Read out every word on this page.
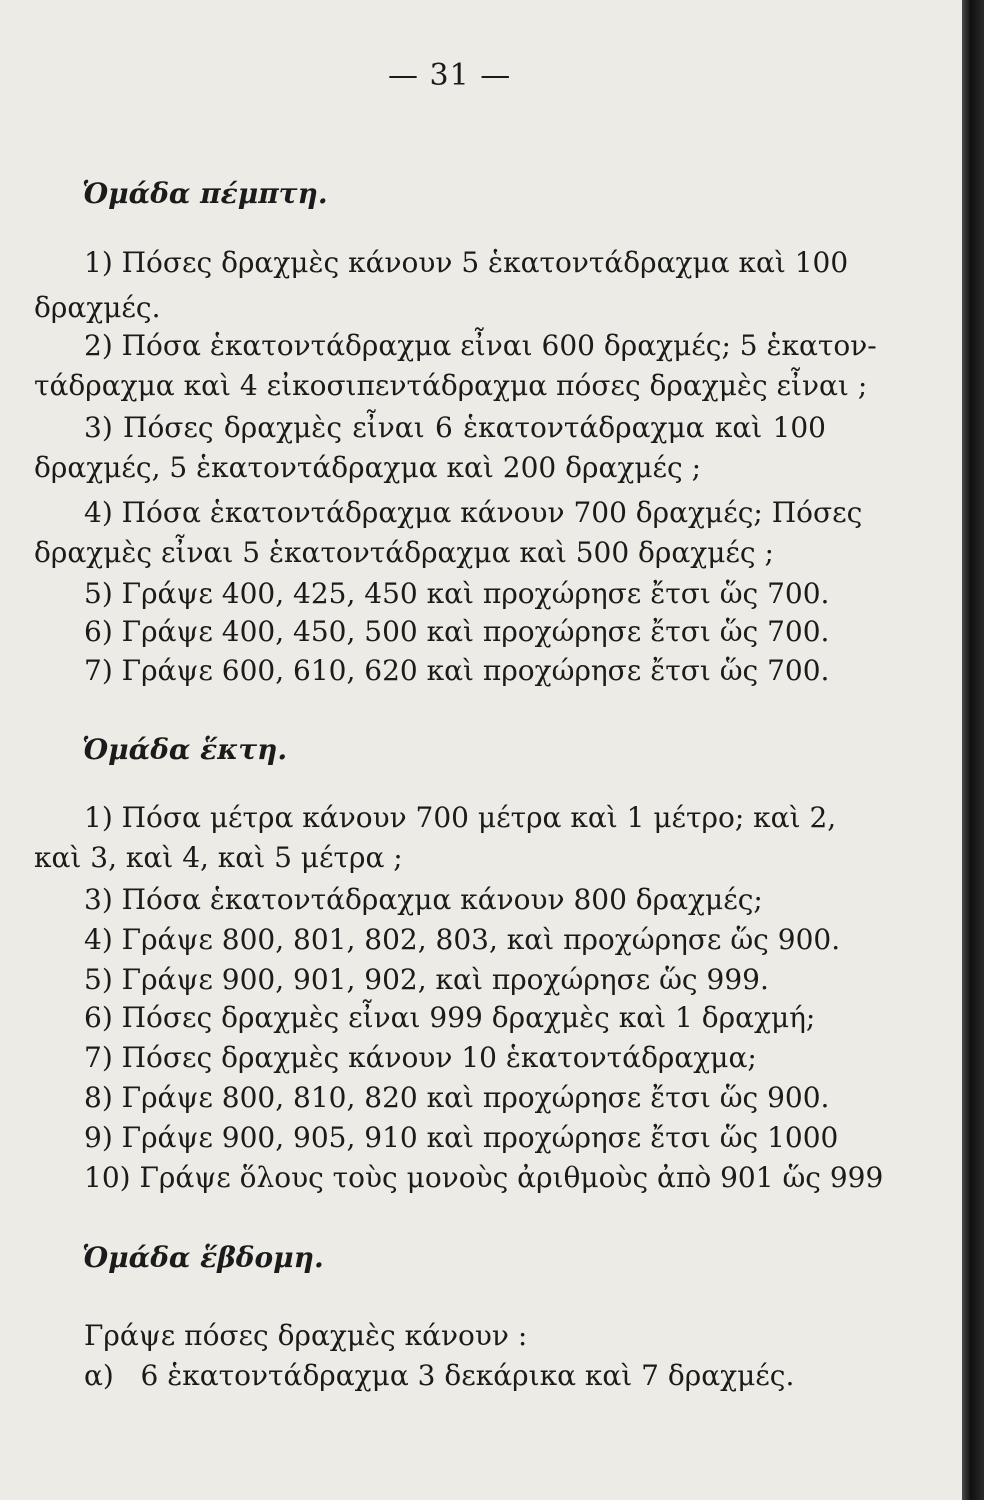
— 31 —
Ὁμάδα πέμπτη.
1) Πόσες δραχμὲς κάνουν 5 ἑκατοντάδραχμα καὶ 100
δραχμές.
2) Πόσα ἑκατοντάδραχμα εἶναι 600 δραχμές; 5 ἑκατον-
τάδραχμα καὶ 4 εἰκοσιπεντάδραχμα πόσες δραχμὲς εἶναι ;
3) Πόσες δραχμὲς εἶναι 6 ἑκατοντάδραχμα καὶ 100
δραχμές, 5 ἑκατοντάδραχμα καὶ 200 δραχμές ;
4) Πόσα ἑκατοντάδραχμα κάνουν 700 δραχμές; Πόσες
δραχμὲς εἶναι 5 ἑκατοντάδραχμα καὶ 500 δραχμές ;
5) Γράψε 400, 425, 450 καὶ προχώρησε ἔτσι ὥς 700.
6) Γράψε 400, 450, 500 καὶ προχώρησε ἔτσι ὥς 700.
7) Γράψε 600, 610, 620 καὶ προχώρησε ἔτσι ὥς 700.
Ὁμάδα ἕκτη.
1) Πόσα μέτρα κάνουν 700 μέτρα καὶ 1 μέτρο; καὶ 2,
καὶ 3, καὶ 4, καὶ 5 μέτρα ;
3) Πόσα ἑκατοντάδραχμα κάνουν 800 δραχμές;
4) Γράψε 800, 801, 802, 803, καὶ προχώρησε ὥς 900.
5) Γράψε 900, 901, 902, καὶ προχώρησε ὥς 999.
6) Πόσες δραχμὲς εἶναι 999 δραχμὲς καὶ 1 δραχμή;
7) Πόσες δραχμὲς κάνουν 10 ἑκατοντάδραχμα;
8) Γράψε 800, 810, 820 καὶ προχώρησε ἔτσι ὥς 900.
9) Γράψε 900, 905, 910 καὶ προχώρησε ἔτσι ὥς 1000
10) Γράψε ὅλους τοὺς μονοὺς ἀριθμοὺς ἀπὸ 901 ὥς 999
Ὁμάδα ἕβδομη.
Γράψε πόσες δραχμὲς κάνουν :
α)   6 ἑκατοντάδραχμα 3 δεκάρικα καὶ 7 δραχμές.
